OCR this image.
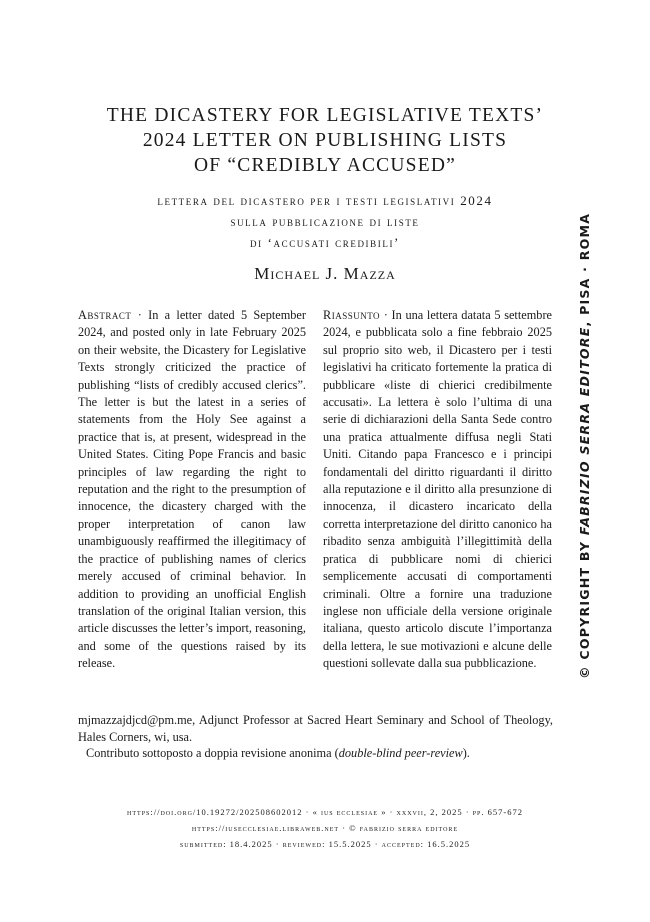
THE DICASTERY FOR LEGISLATIVE TEXTS’
2024 LETTER ON PUBLISHING LISTS
OF “CREDIBLY ACCUSED”
lettera del dicastero per i testi legislativi 2024
sulla pubblicazione di liste
di ‘accusati credibili’
Michael J. Mazza
Abstract · In a letter dated 5 September 2024, and posted only in late February 2025 on their website, the Dicastery for Legislative Texts strongly criticized the practice of publishing “lists of credibly accused clerics”. The letter is but the latest in a series of statements from the Holy See against a practice that is, at present, widespread in the United States. Citing Pope Francis and basic principles of law regarding the right to reputation and the right to the presumption of innocence, the dicastery charged with the proper interpretation of canon law unambiguously reaffirmed the illegitimacy of the practice of publishing names of clerics merely accused of criminal behavior. In addition to providing an unofficial English translation of the original Italian version, this article discusses the letter’s import, reasoning, and some of the questions raised by its release.
Riassunto · In una lettera datata 5 settembre 2024, e pubblicata solo a fine febbraio 2025 sul proprio sito web, il Dicastero per i testi legislativi ha criticato fortemente la pratica di pubblicare «liste di chierici credibilmente accusati». La lettera è solo l’ultima di una serie di dichiarazioni della Santa Sede contro una pratica attualmente diffusa negli Stati Uniti. Citando papa Francesco e i principi fondamentali del diritto riguardanti il diritto alla reputazione e il diritto alla presunzione di innocenza, il dicastero incaricato della corretta interpretazione del diritto canonico ha ribadito senza ambiguità l’illegittimità della pratica di pubblicare nomi di chierici semplicemente accusati di comportamenti criminali. Oltre a fornire una traduzione inglese non ufficiale della versione originale italiana, questo articolo discute l’importanza della lettera, le sue motivazioni e alcune delle questioni sollevate dalla sua pubblicazione.
mjmazzajdjcd@pm.me, Adjunct Professor at Sacred Heart Seminary and School of Theology, Hales Corners, wi, usa.
Contributo sottoposto a doppia revisione anonima (double-blind peer-review).
https://doi.org/10.19272/202508602012 · « ius ecclesiae » · xxxvii, 2, 2025 · pp. 657-672
https://iusecclesiae.libraweb.net · © fabrizio serra editore
submitted: 18.4.2025 · reviewed: 15.5.2025 · accepted: 16.5.2025
© COPYRIGHT BY FABRIZIO SERRA EDITORE, PISA · ROMA
